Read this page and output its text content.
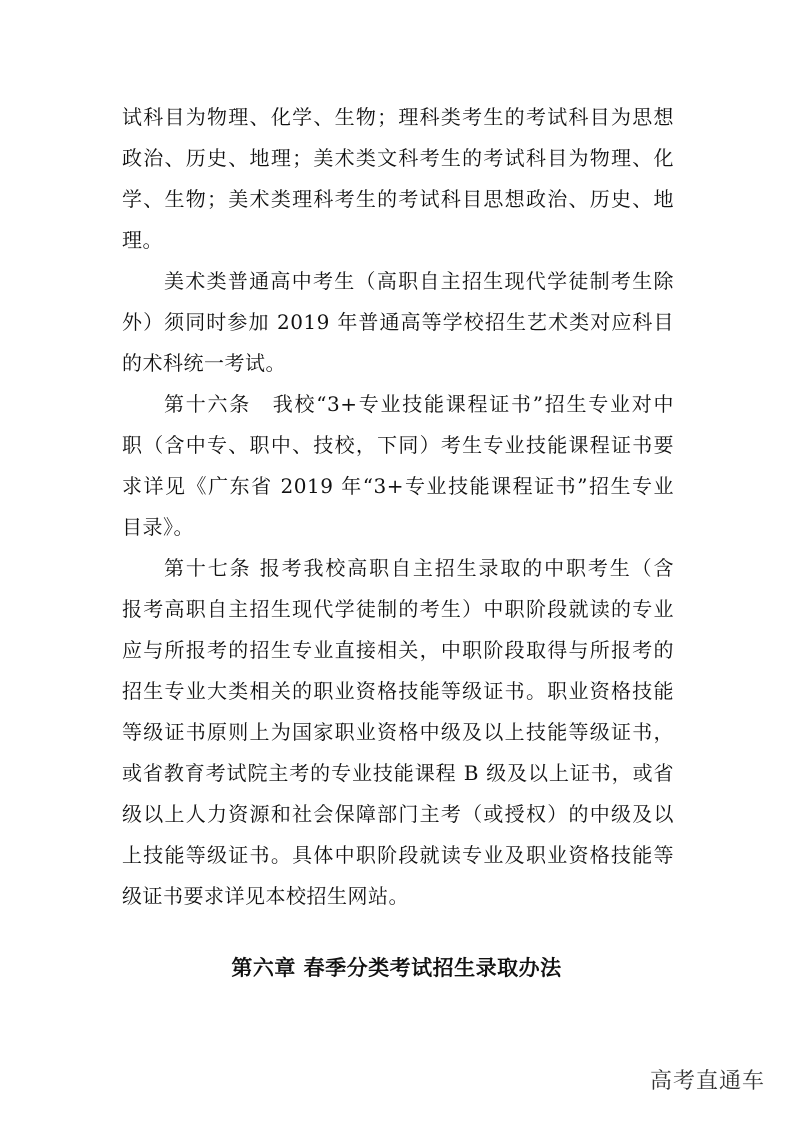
试科目为物理、化学、生物；理科类考生的考试科目为思想
政治、历史、地理；美术类文科考生的考试科目为物理、化
学、生物；美术类理科考生的考试科目思想政治、历史、地
理。
美术类普通高中考生（高职自主招生现代学徒制考生除
外）须同时参加 2019 年普通高等学校招生艺术类对应科目
的术科统一考试。
第十六条　我校“3+专业技能课程证书”招生专业对中
职（含中专、职中、技校，下同）考生专业技能课程证书要
求详见《广东省 2019 年“3+专业技能课程证书”招生专业
目录》。
第十七条 报考我校高职自主招生录取的中职考生（含
报考高职自主招生现代学徒制的考生）中职阶段就读的专业
应与所报考的招生专业直接相关，中职阶段取得与所报考的
招生专业大类相关的职业资格技能等级证书。职业资格技能
等级证书原则上为国家职业资格中级及以上技能等级证书，
或省教育考试院主考的专业技能课程 B 级及以上证书，或省
级以上人力资源和社会保障部门主考（或授权）的中级及以
上技能等级证书。具体中职阶段就读专业及职业资格技能等
级证书要求详见本校招生网站。
第六章 春季分类考试招生录取办法
高考直通车
